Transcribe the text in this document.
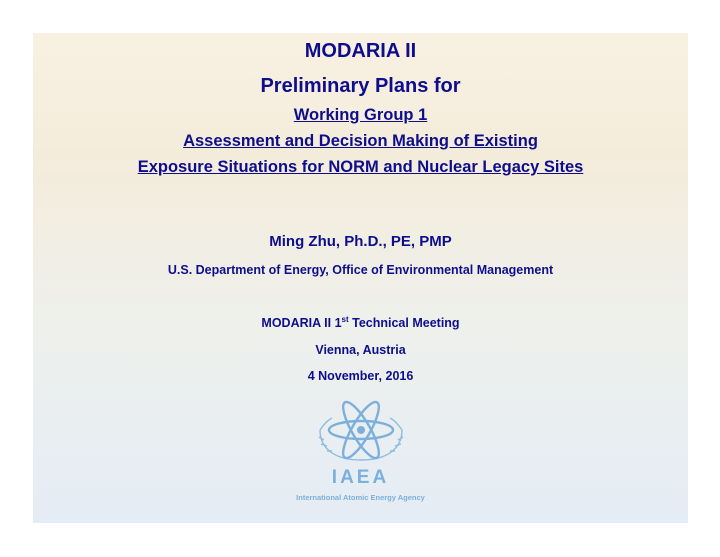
MODARIA II
Preliminary Plans for
Working Group 1
Assessment and Decision Making of Existing
Exposure Situations for NORM and Nuclear Legacy Sites
Ming Zhu, Ph.D., PE, PMP
U.S. Department of Energy, Office of Environmental Management
MODARIA II 1st Technical Meeting
Vienna, Austria
4 November, 2016
IAEA
International Atomic Energy Agency
